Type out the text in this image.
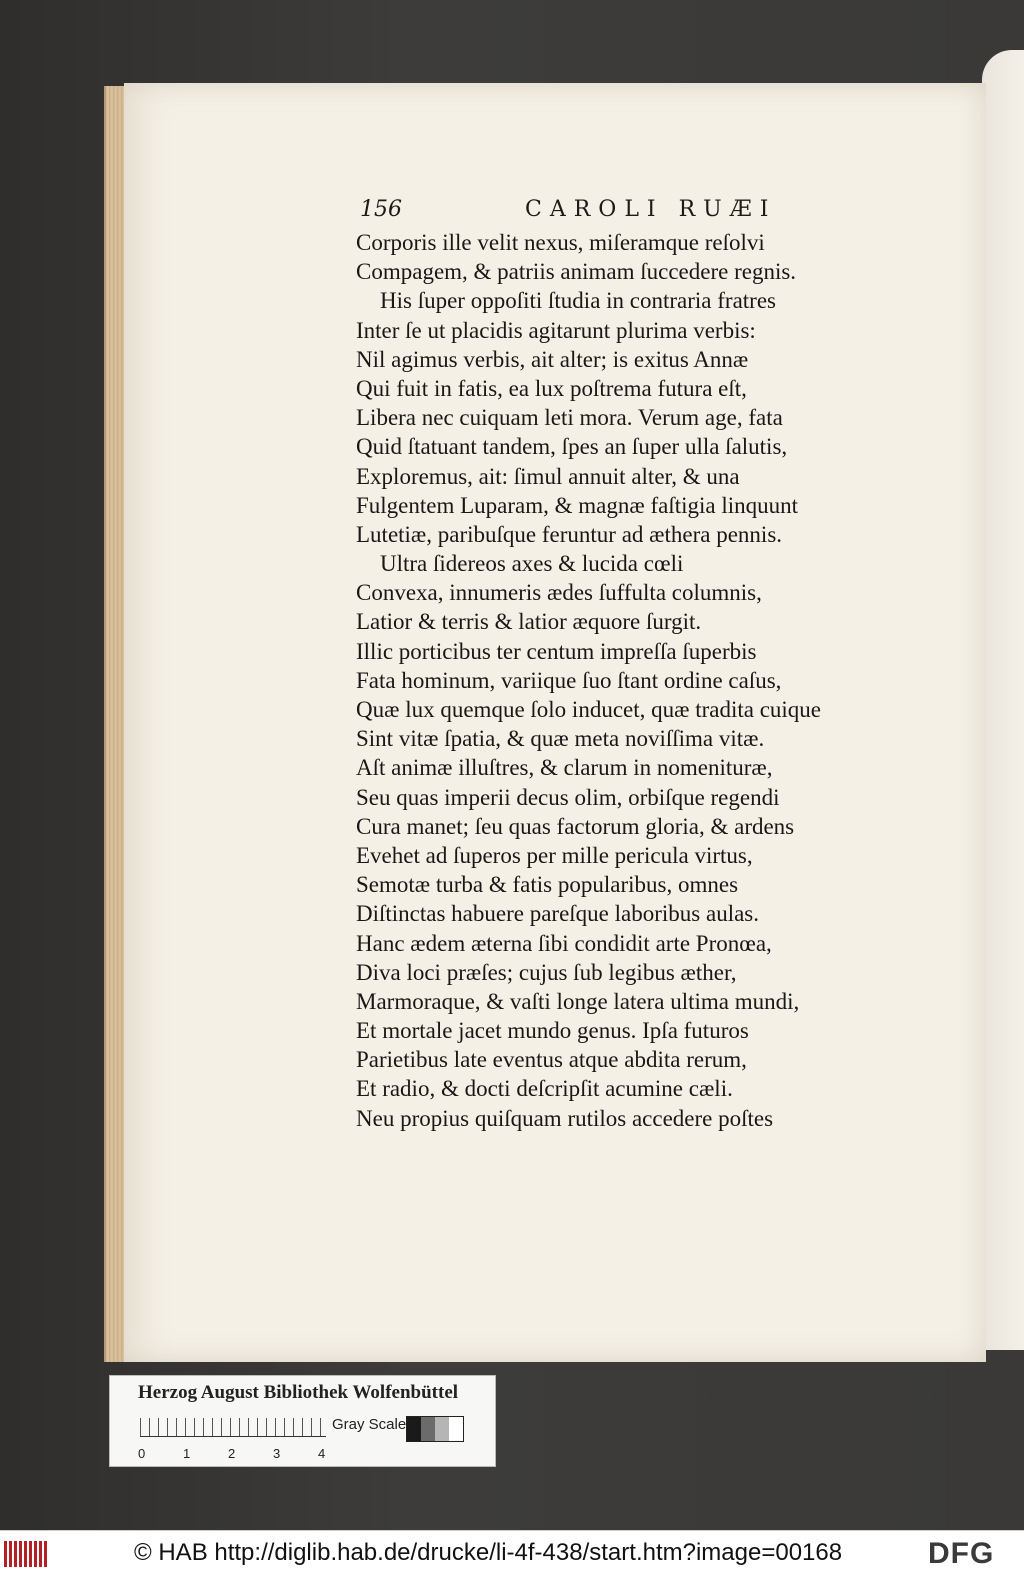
156	CAROLI RUÆI
Corporis ille velit nexus, miſeramque reſolvi
Compagem, & patriis animam ſuccedere regnis.
His ſuper oppoſiti ſtudia in contraria fratres
Inter ſe ut placidis agitarunt plurima verbis:
Nil agimus verbis, ait alter; is exitus Annæ
Qui fuit in fatis, ea lux poſtrema futura eſt,
Libera nec cuiquam leti mora. Verum age, fata
Quid ſtatuant tandem, ſpes an ſuper ulla ſalutis,
Exploremus, ait: ſimul annuit alter, & una
Fulgentem Luparam, & magnæ faſtigia linquunt
Lutetiæ, paribuſque feruntur ad æthera pennis.
Ultra ſidereos axes & lucida cœli
Convexa, innumeris ædes ſuffulta columnis,
Latior & terris & latior æquore ſurgit.
Illic porticibus ter centum impreſſa ſuperbis
Fata hominum, variique ſuo ſtant ordine caſus,
Quæ lux quemque ſolo inducet, quæ tradita cuique
Sint vitæ ſpatia, & quæ meta noviſſima vitæ.
Aſt animæ illuſtres, & clarum in nomenituræ,
Seu quas imperii decus olim, orbiſque regendi
Cura manet; ſeu quas factorum gloria, & ardens
Evehet ad ſuperos per mille pericula virtus,
Semotæ turba & fatis popularibus, omnes
Diſtinctas habuere pareſque laboribus aulas.
Hanc ædem æterna ſibi condidit arte Pronœa,
Diva loci præſes; cujus ſub legibus æther,
Marmoraque, & vaſti longe latera ultima mundi,
Et mortale jacet mundo genus. Ipſa futuros
Parietibus late eventus atque abdita rerum,
Et radio, & docti deſcripſit acumine cæli.
Neu propius quiſquam rutilos accedere poſtes
Herzog August Bibliothek Wolfenbüttel
0	1	2	3	4
Gray Scale
© HAB http://diglib.hab.de/drucke/li-4f-438/start.htm?image=00168	DFG
